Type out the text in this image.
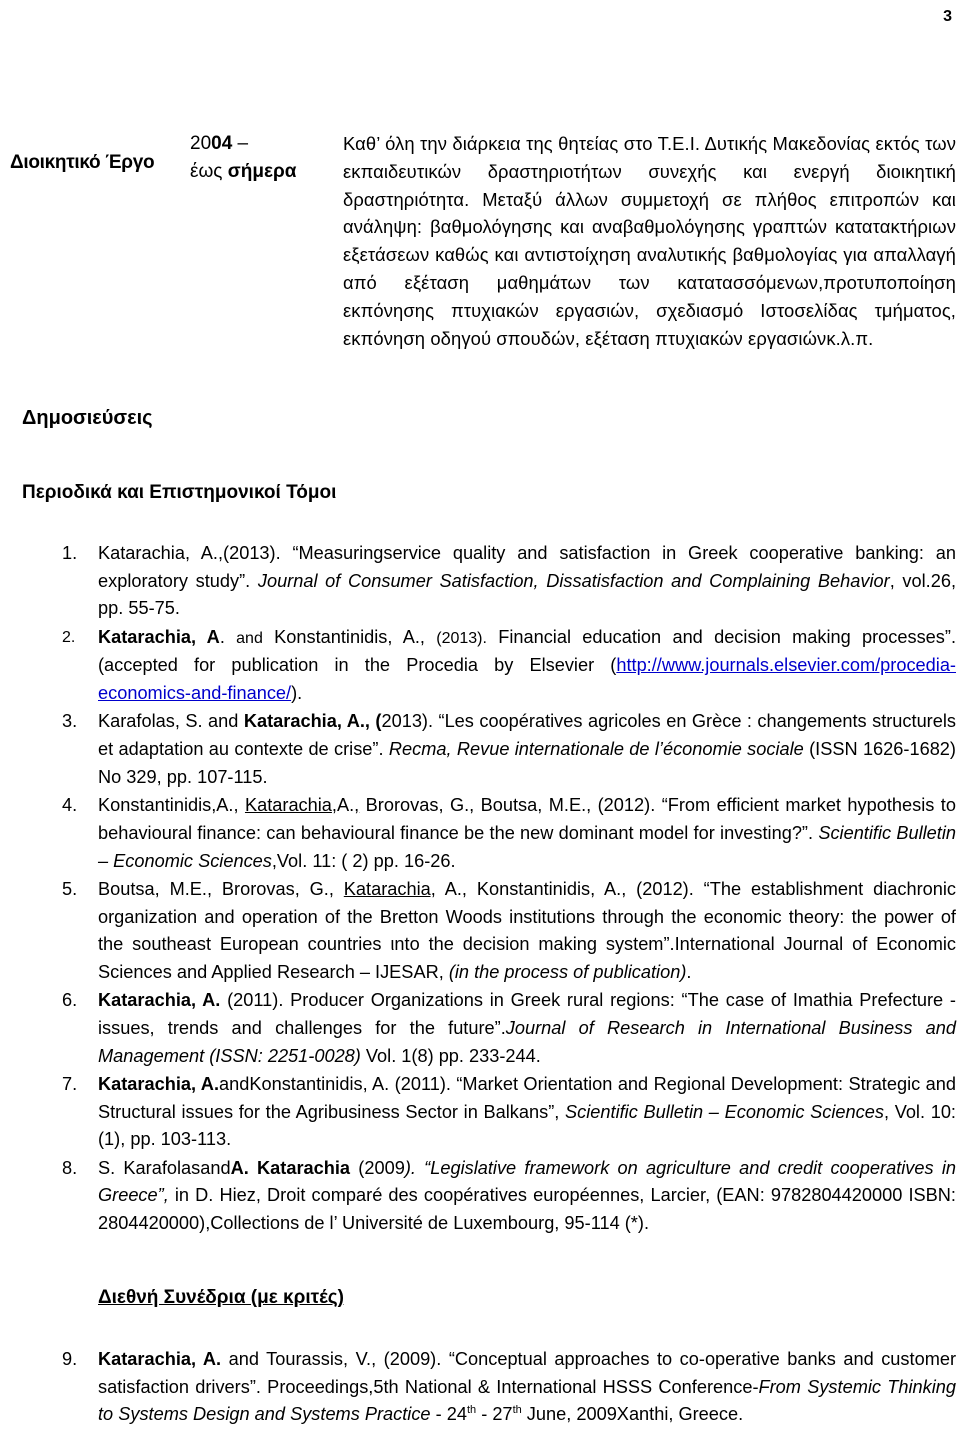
3
Διοικητικό Έργο
2004 –
έως σήμερα
Καθ’ όλη την διάρκεια της θητείας στο Τ.Ε.Ι. Δυτικής Μακεδονίας εκτός των εκπαιδευτικών δραστηριοτήτων συνεχής και ενεργή διοικητική δραστηριότητα. Μεταξύ άλλων συμμετοχή σε πλήθος επιτροπών και ανάληψη: βαθμολόγησης και αναβαθμολόγησης γραπτών κατατακτήριων εξετάσεων καθώς και αντιστοίχηση αναλυτικής βαθμολογίας για απαλλαγή από εξέταση μαθημάτων των κατατασσόμενων,προτυποποίηση εκπόνησης πτυχιακών εργασιών, σχεδιασμό Ιστοσελίδας τμήματος, εκπόνηση οδηγού σπουδών, εξέταση πτυχιακών εργασιώνκ.λ.π.
Δημοσιεύσεις
Περιοδικά και Επιστημονικοί Τόμοι
1. Katarachia, A.,(2013). “Measuringservice quality and satisfaction in Greek cooperative banking: an exploratory study”. Journal of Consumer Satisfaction, Dissatisfaction and Complaining Behavior, vol.26, pp. 55-75.
2. Katarachia, A. and Konstantinidis, A., (2013). Financial education and decision making processes”. (accepted for publication in the Procedia by Elsevier (http://www.journals.elsevier.com/procedia-economics-and-finance/).
3. Karafolas, S. and Katarachia, A., (2013). “Les coopératives agricoles en Grèce : changements structurels et adaptation au contexte de crise”. Recma, Revue internationale de l’économie sociale (ISSN 1626-1682) No 329, pp. 107-115.
4. Konstantinidis,A., Katarachia,A., Brorovas, G., Boutsa, M.E., (2012). “From efficient market hypothesis to behavioural finance: can behavioural finance be the new dominant model for investing?”. Scientific Bulletin – Economic Sciences,Vol. 11: ( 2) pp. 16-26.
5. Boutsa, M.E., Brorovas, G., Katarachia, A., Konstantinidis, A., (2012). “The establishment diachronic organization and operation of the Bretton Woods institutions through the economic theory: the power of the southeast European countries ιnto the decision making system”.International Journal of Economic Sciences and Applied Research – IJESAR, (in the process of publication).
6. Katarachia, A. (2011). Producer Organizations in Greek rural regions: “The case of Imathia Prefecture - issues, trends and challenges for the future”.Journal of Research in International Business and Management (ISSN: 2251-0028) Vol. 1(8) pp. 233-244.
7. Katarachia, A.andKonstantinidis, A. (2011). “Market Orientation and Regional Development: Strategic and Structural issues for the Agribusiness Sector in Balkans”, Scientific Bulletin – Economic Sciences, Vol. 10: (1), pp. 103-113.
8. S. KarafolasandA. Katarachia (2009). “Legislative framework on agriculture and credit cooperatives in Greece”, in D. Hiez, Droit comparé des coopératives européennes, Larcier, (EAN: 9782804420000 ISBN: 2804420000),Collections de l’ Université de Luxembourg, 95-114 (*).
Διεθνή Συνέδρια (με κριτές)
9. Katarachia, A. and Tourassis, V., (2009). “Conceptual approaches to co-operative banks and customer satisfaction drivers”. Proceedings,5th National & International HSSS Conference-From Systemic Thinking to Systems Design and Systems Practice - 24th - 27th June, 2009Xanthi, Greece.
